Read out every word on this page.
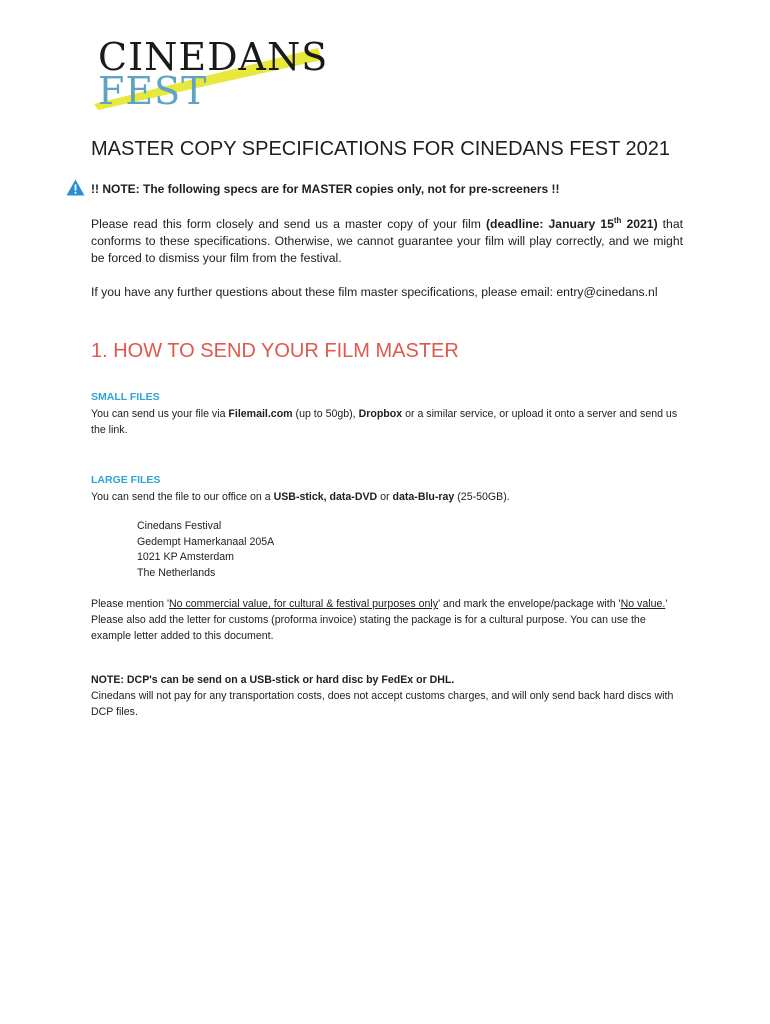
CINEDANS
FEST
MASTER COPY SPECIFICATIONS FOR CINEDANS FEST 2021
!! NOTE: The following specs are for MASTER copies only, not for pre-screeners !!

Please read this form closely and send us a master copy of your film (deadline: January 15th 2021) that conforms to these specifications. Otherwise, we cannot guarantee your film will play correctly, and we might be forced to dismiss your film from the festival.

If you have any further questions about these film master specifications, please email: entry@cinedans.nl

1. HOW TO SEND YOUR FILM MASTER
SMALL FILES

You can send us your file via Filemail.com (up to 50gb), Dropbox or a similar service, or upload it onto a server and send us the link.

LARGE FILES

You can send the file to our office on a USB-stick, data-DVD or data-Blu-ray (25-50GB).

Cinedans Festival
Gedempt Hamerkanaal 205A
1021 KP Amsterdam
The Netherlands

Please mention 'No commercial value, for cultural & festival purposes only' and mark the envelope/package with 'No value.' Please also add the letter for customs (proforma invoice) stating the package is for a cultural purpose. You can use the example letter added to this document.

NOTE: DCP's can be send on a USB-stick or hard disc by FedEx or DHL.

Cinedans will not pay for any transportation costs, does not accept customs charges, and will only send back hard discs with DCP files.
